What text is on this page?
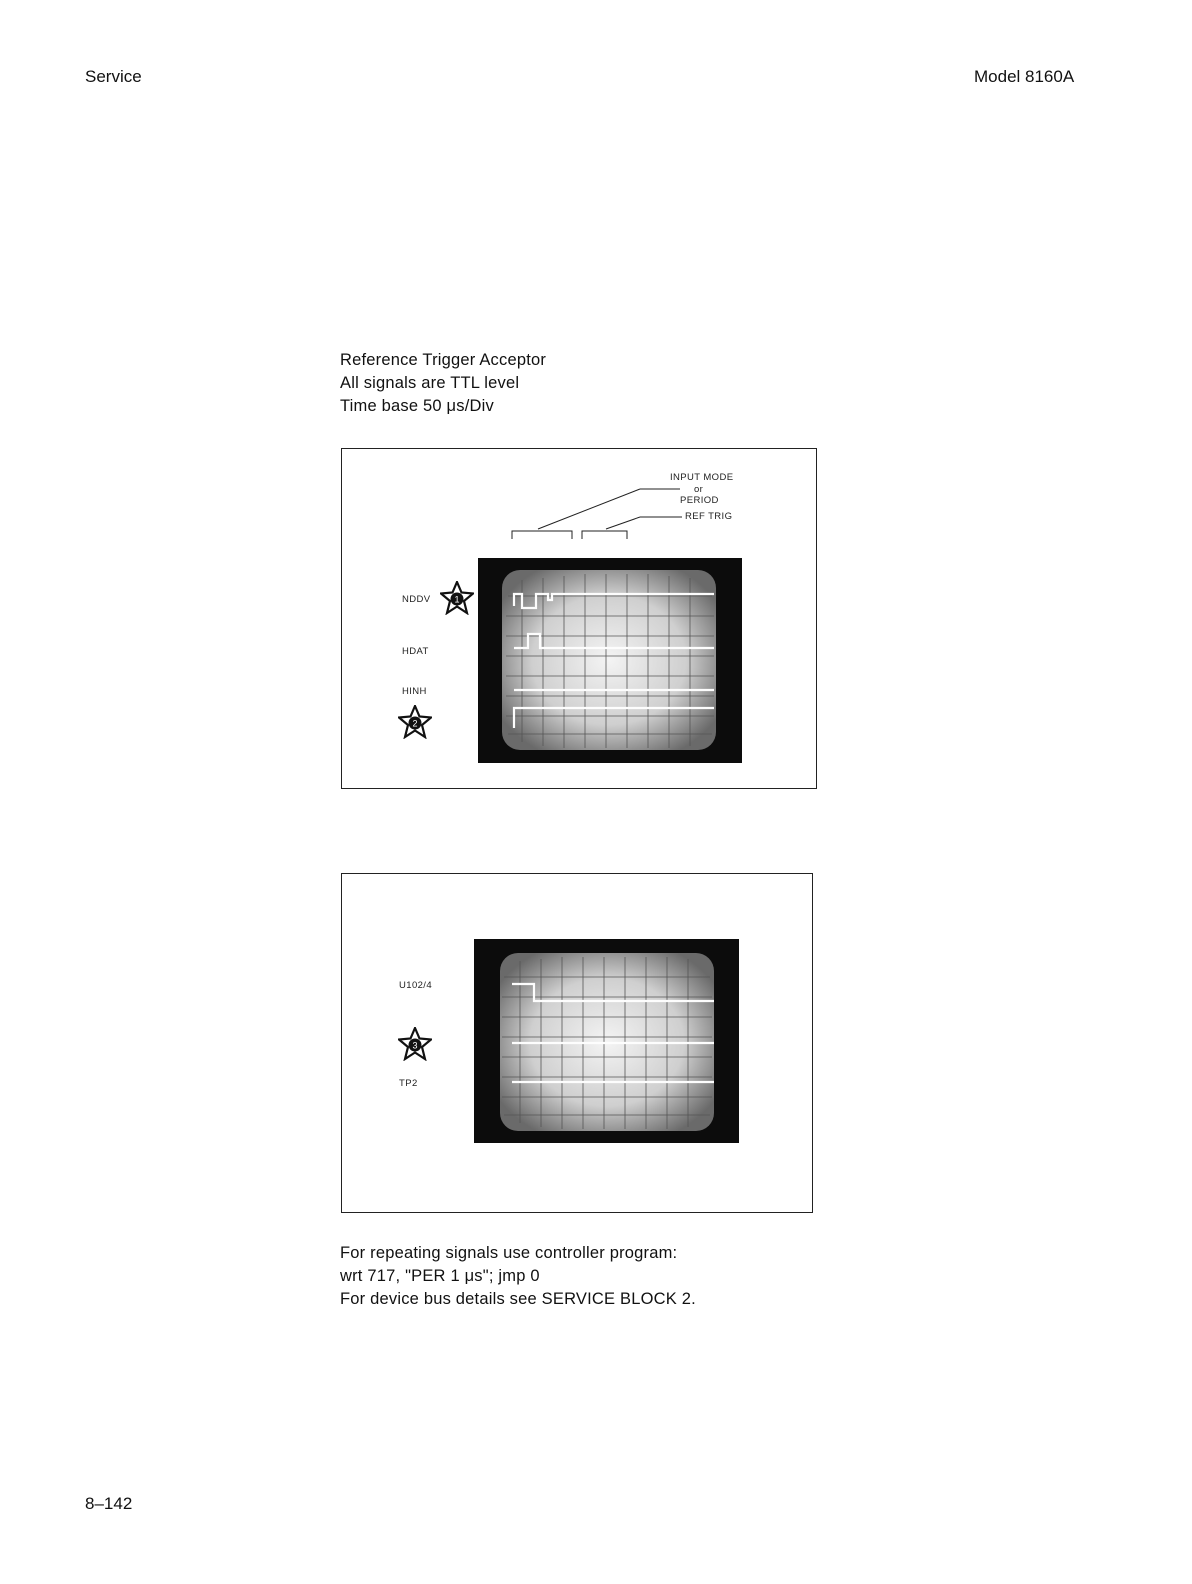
Service	Model 8160A
Reference Trigger Acceptor
All signals are TTL level
Time base 50 μs/Div
INPUT MODE
or
PERIOD
REF TRIG
NDDV
HDAT
HINH
1
2
U102/4
TP2
3
For repeating signals use controller program:
wrt 717, "PER 1 μs"; jmp 0
For device bus details see SERVICE BLOCK 2.
8–142
